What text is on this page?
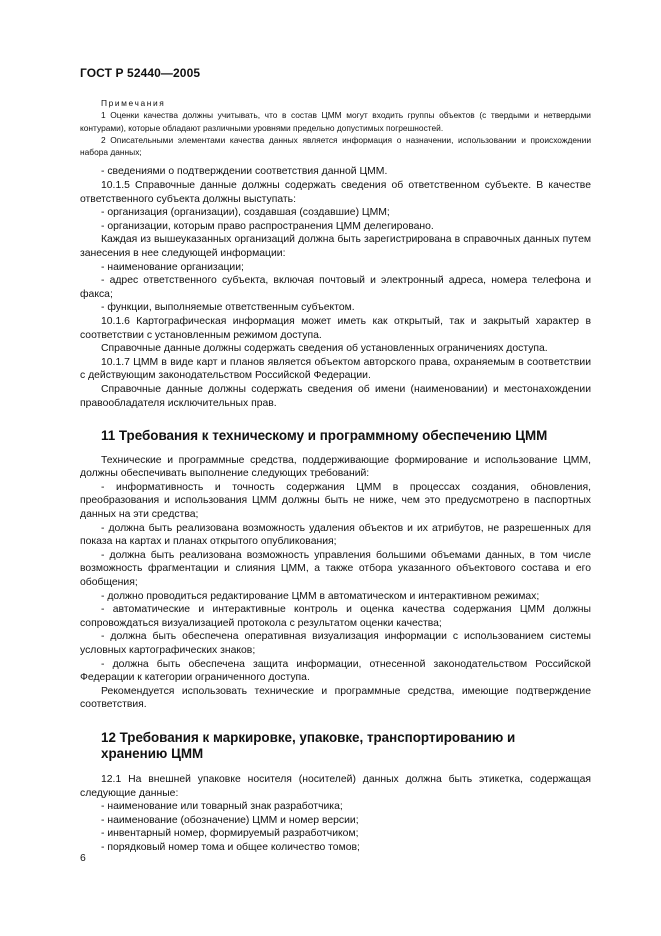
ГОСТ Р 52440—2005

Примечания

1 Оценки качества должны учитывать, что в состав ЦММ могут входить группы объектов (с твердыми и нетвердыми контурами), которые обладают различными уровнями предельно допустимых погрешностей.

2 Описательными элементами качества данных является информация о назначении, использовании и происхождении набора данных;

- сведениями о подтверждении соответствия данной ЦММ.

10.1.5 Справочные данные должны содержать сведения об ответственном субъекте. В качестве ответственного субъекта должны выступать:

- организация (организации), создавшая (создавшие) ЦММ;

- организации, которым право распространения ЦММ делегировано.

Каждая из вышеуказанных организаций должна быть зарегистрирована в справочных данных путем занесения в нее следующей информации:

- наименование организации;

- адрес ответственного субъекта, включая почтовый и электронный адреса, номера телефона и факса;

- функции, выполняемые ответственным субъектом.

10.1.6 Картографическая информация может иметь как открытый, так и закрытый характер в соответствии с установленным режимом доступа.

Справочные данные должны содержать сведения об установленных ограничениях доступа.

10.1.7 ЦММ в виде карт и планов является объектом авторского права, охраняемым в соответствии с действующим законодательством Российской Федерации.

Справочные данные должны содержать сведения об имени (наименовании) и местонахождении правообладателя исключительных прав.

11 Требования к техническому и программному обеспечению ЦММ

Технические и программные средства, поддерживающие формирование и использование ЦММ, должны обеспечивать выполнение следующих требований:

- информативность и точность содержания ЦММ в процессах создания, обновления, преобразования и использования ЦММ должны быть не ниже, чем это предусмотрено в паспортных данных на эти средства;

- должна быть реализована возможность удаления объектов и их атрибутов, не разрешенных для показа на картах и планах открытого опубликования;

- должна быть реализована возможность управления большими объемами данных, в том числе возможность фрагментации и слияния ЦММ, а также отбора указанного объектового состава и его обобщения;

- должно проводиться редактирование ЦММ в автоматическом и интерактивном режимах;

- автоматические и интерактивные контроль и оценка качества содержания ЦММ должны сопровождаться визуализацией протокола с результатом оценки качества;

- должна быть обеспечена оперативная визуализация информации с использованием системы условных картографических знаков;

- должна быть обеспечена защита информации, отнесенной законодательством Российской Федерации к категории ограниченного доступа.

Рекомендуется использовать технические и программные средства, имеющие подтверждение соответствия.

12 Требования к маркировке, упаковке, транспортированию и хранению ЦММ

12.1 На внешней упаковке носителя (носителей) данных должна быть этикетка, содержащая следующие данные:

- наименование или товарный знак разработчика;

- наименование (обозначение) ЦММ и номер версии;

- инвентарный номер, формируемый разработчиком;

- порядковый номер тома и общее количество томов;

6
